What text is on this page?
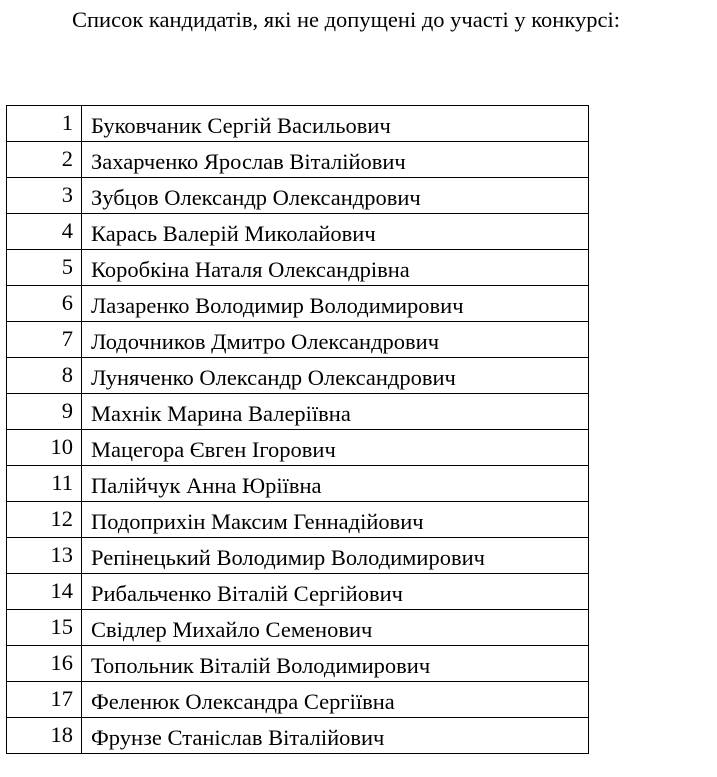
Список кандидатів, які не допущені до участі у конкурсі:
1	Буковчаник Сергій Васильович
2	Захарченко Ярослав Віталійович
3	Зубцов Олександр Олександрович
4	Карась Валерій Миколайович
5	Коробкіна Наталя Олександрівна
6	Лазаренко Володимир Володимирович
7	Лодочников Дмитро Олександрович
8	Луняченко Олександр Олександрович
9	Махнік Марина Валеріївна
10	Мацегора Євген Ігорович
11	Палійчук Анна Юріївна
12	Подоприхін Максим Геннадійович
13	Репінецький Володимир Володимирович
14	Рибальченко Віталій Сергійович
15	Свідлер Михайло Семенович
16	Топольник Віталій Володимирович
17	Феленюк Олександра Сергіївна
18	Фрунзе Станіслав Віталійович
